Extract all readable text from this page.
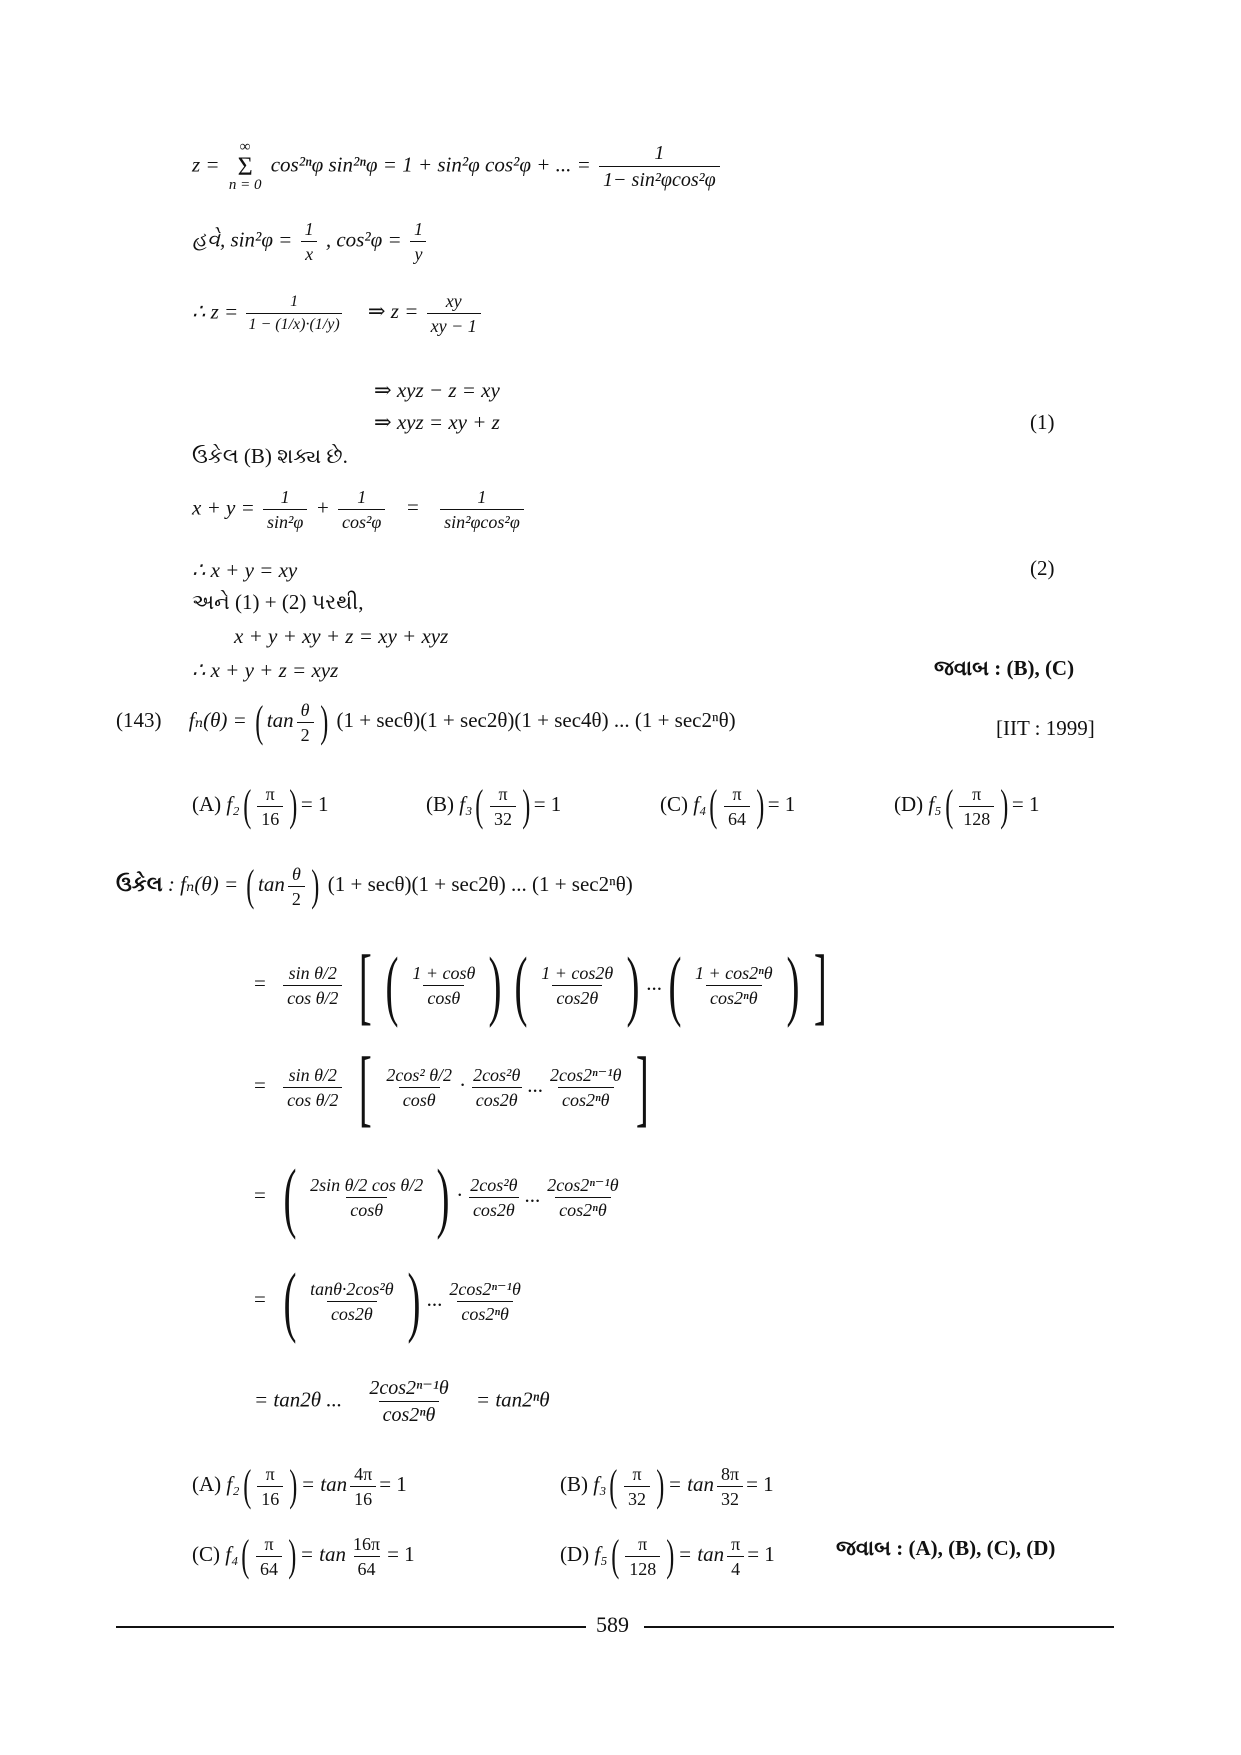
z =
∞
Σ
n = 0
cos²ⁿφ sin²ⁿφ = 1 + sin²φ cos²φ + ... = $\frac{1}{\text{1− sin²φcos²φ}}$
હવે, $\sin^2\varphi = \frac{1}{x}$ , $\cos^2\varphi = \frac{1}{y}$
∴ $z = \frac{1}{1 - (1/x)\cdot(1/y)}$ ⇒ $z = \frac{xy}{xy - 1}$
⇒ xyz − z = xy
⇒ xyz = xy + z	(1)
ઉકેલ (B) શક્ય છે.
$x + y = \frac{1}{\text{sin²φ}} + \frac{1}{\text{cos²φ}} = \frac{1}{\text{sin²φcos²φ}}$
∴ x + y = xy	(2)
અને (1) + (2) પરથી,
x + y + xy + z = xy + xyz
∴ x + y + z = xyz	જવાબ : (B), (C)
(143) fₙ(θ) = ( $\tan \frac{\theta}{2}$ ) (1 + secθ)(1 + sec2θ)(1 + sec4θ) ... (1 + sec2ⁿθ)	[IIT : 1999]
(A) $f_2( \frac{\pi}{16}$ ) = 1	(B) $f_3( \frac{\pi}{32}$ ) = 1	(C) $f_4( \frac{\pi}{64}$ ) = 1	(D) $f_5( \frac{\pi}{128}$ ) = 1
ઉકેલ : fₙ(θ) = ( $\tan \frac{\theta}{2}$ ) (1 + secθ)(1 + sec2θ) ... (1 + sec2ⁿθ)
= $\frac{\text{sin θ/2}}{\text{cos θ/2}}$ [ ( $\frac{1 + \cos\theta}{\cos\theta}$ ) ( $\frac{1 + \cos 2\theta}{\cos 2\theta}$ ) ...( $\frac{\text{1 + cos2ⁿθ}}{\text{cos2ⁿθ}}$ ) ]
= $\frac{\text{sin θ/2}}{\text{cos θ/2}}$ [ $\frac{\text{2cos² θ/2}}{\cos\theta} \cdot \frac{\text{2cos²θ}}{\cos 2\theta}$ ... $\frac{\text{2cos2ⁿ⁻¹θ}}{\text{cos2ⁿθ}}$ ]
= ( $\frac{\text{2sin θ/2 cos θ/2}}{\cos\theta}$ ) · $\frac{\text{2cos²θ}}{\cos 2\theta}$ ... $\frac{\text{2cos2ⁿ⁻¹θ}}{\text{cos2ⁿθ}}$
= ( $\frac{\text{tanθ·2cos²θ}}{\cos 2\theta}$ ) ... $\frac{\text{2cos2ⁿ⁻¹θ}}{\text{cos2ⁿθ}}$
= tan2θ ... $\frac{\text{2cos2ⁿ⁻¹θ}}{\text{cos2ⁿθ}} = \tan 2^n\theta$
(A) $f_2( \frac{\pi}{16}$ ) = $\tan \frac{4\pi}{16} = 1$	(B) $f_3( \frac{\pi}{32}$ ) = $\tan \frac{8\pi}{32} = 1$
(C) $f_4( \frac{\pi}{64}$ ) = $\tan \frac{16\pi}{64} = 1$	(D) $f_5( \frac{\pi}{128}$ ) = $\tan \frac{\pi}{4} = 1$	જવાબ : (A), (B), (C), (D)
589
